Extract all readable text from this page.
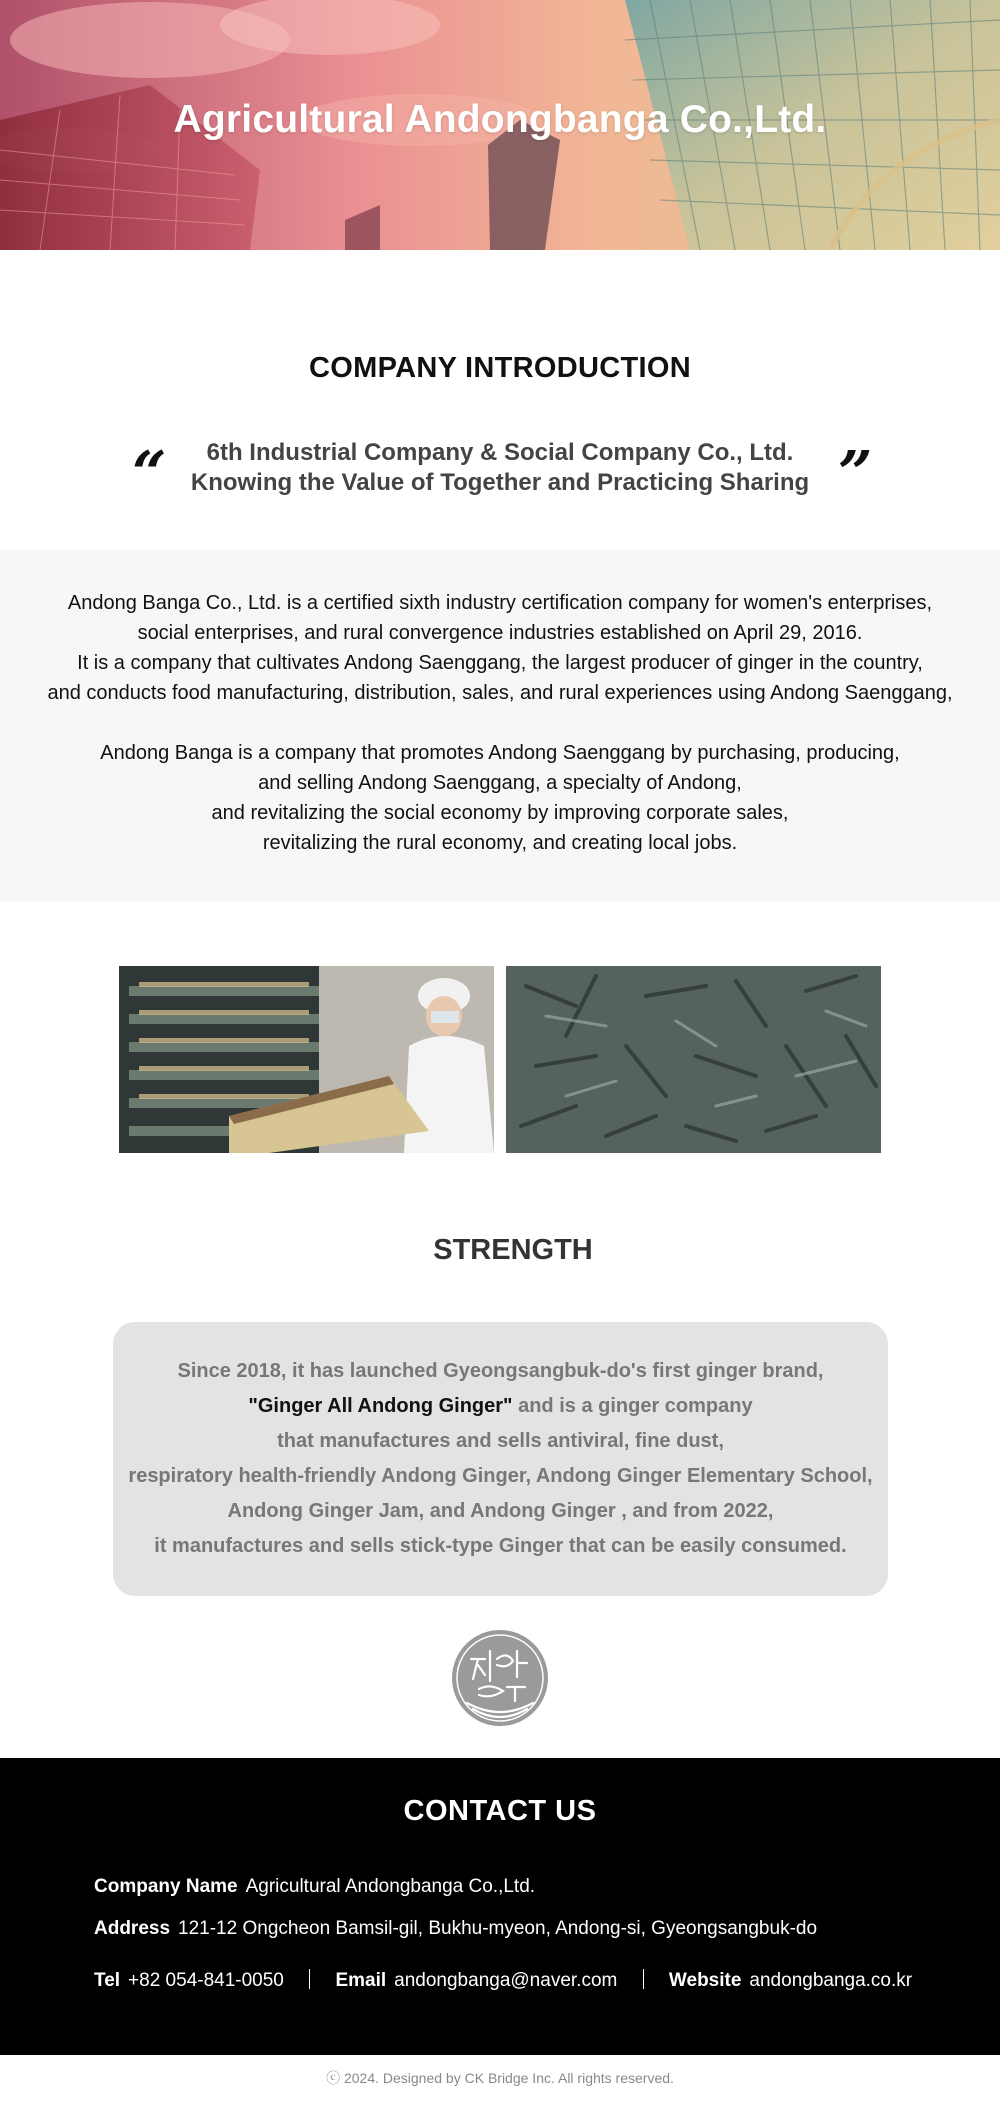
Agricultural Andongbanga Co.,Ltd.
COMPANY INTRODUCTION
“	6th Industrial Company & Social Company Co., Ltd.
Knowing the Value of Together and Practicing Sharing ”
Andong Banga Co., Ltd. is a certified sixth industry certification company for women's enterprises,
social enterprises, and rural convergence industries established on April 29, 2016.
It is a company that cultivates Andong Saenggang, the largest producer of ginger in the country,
and conducts food manufacturing, distribution, sales, and rural experiences using Andong Saenggang,
Andong Banga is a company that promotes Andong Saenggang by purchasing, producing,
and selling Andong Saenggang, a specialty of Andong,
and revitalizing the social economy by improving corporate sales,
revitalizing the rural economy, and creating local jobs.
STRENGTH
Since 2018, it has launched Gyeongsangbuk-do's first ginger brand,
"Ginger All Andong Ginger" and is a ginger company
that manufactures and sells antiviral, fine dust,
respiratory health-friendly Andong Ginger, Andong Ginger Elementary School,
Andong Ginger Jam, and Andong Ginger , and from 2022,
it manufactures and sells stick-type Ginger that can be easily consumed.
CONTACT US
Company Name Agricultural Andongbanga Co.,Ltd.
Address 121-12 Ongcheon Bamsil-gil, Bukhu-myeon, Andong-si, Gyeongsangbuk-do
Tel +82 054-841-0050	Email andongbanga@naver.com	Website andongbanga.co.kr
ⓒ 2024. Designed by CK Bridge Inc. All rights reserved.
